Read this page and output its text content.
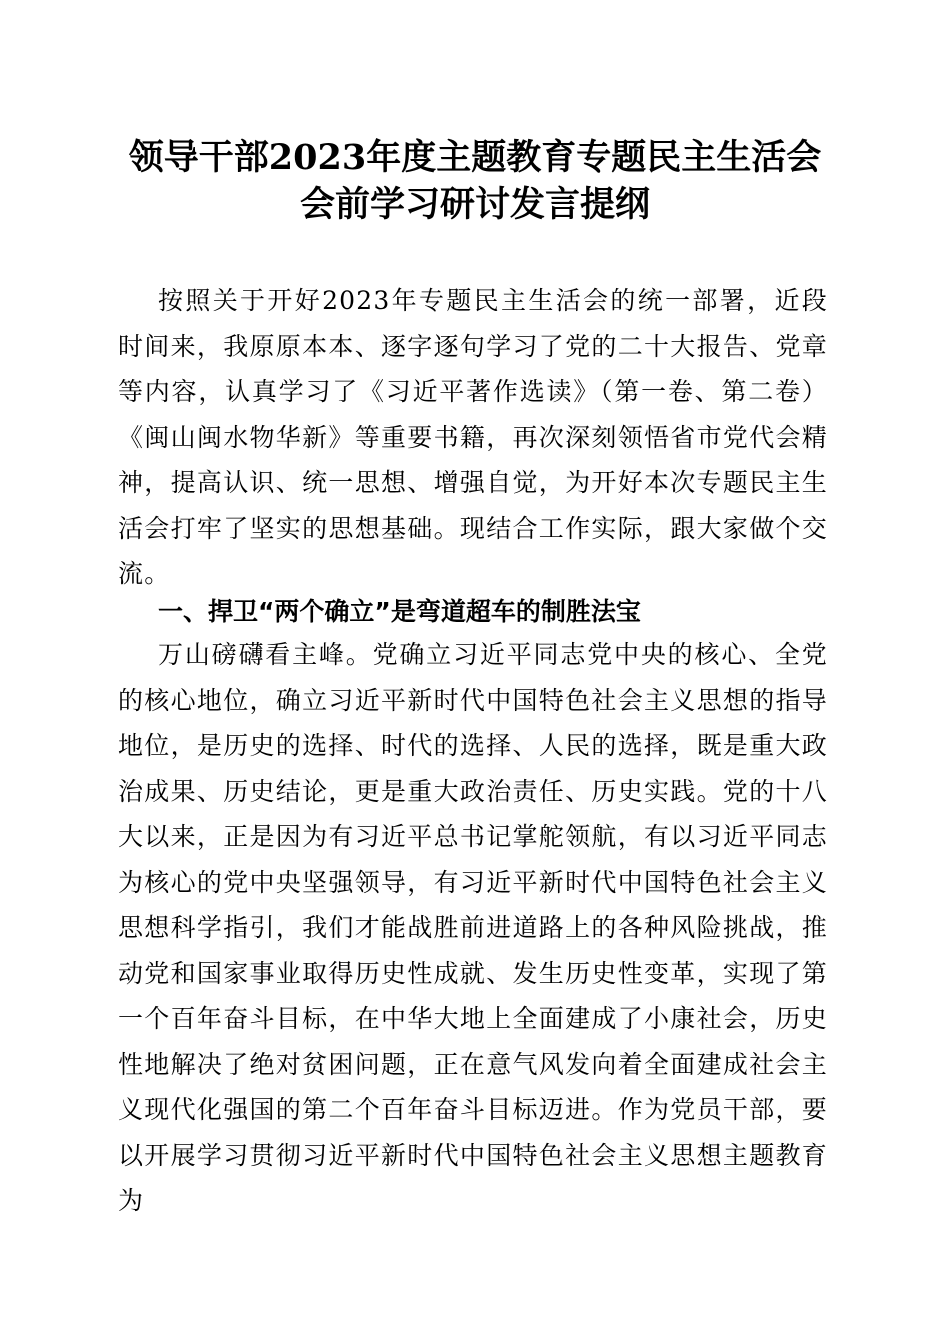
领导干部2023年度主题教育专题民主生活会
会前学习研讨发言提纲
按照关于开好2023年专题民主生活会的统一部署，近段时间来，我原原本本、逐字逐句学习了党的二十大报告、党章等内容，认真学习了《习近平著作选读》（第一卷、第二卷）《闽山闽水物华新》等重要书籍，再次深刻领悟省市党代会精神，提高认识、统一思想、增强自觉，为开好本次专题民主生活会打牢了坚实的思想基础。现结合工作实际，跟大家做个交流。
一、捍卫“两个确立”是弯道超车的制胜法宝
万山磅礴看主峰。党确立习近平同志党中央的核心、全党的核心地位，确立习近平新时代中国特色社会主义思想的指导地位，是历史的选择、时代的选择、人民的选择，既是重大政治成果、历史结论，更是重大政治责任、历史实践。党的十八大以来，正是因为有习近平总书记掌舵领航，有以习近平同志为核心的党中央坚强领导，有习近平新时代中国特色社会主义思想科学指引，我们才能战胜前进道路上的各种风险挑战，推动党和国家事业取得历史性成就、发生历史性变革，实现了第一个百年奋斗目标，在中华大地上全面建成了小康社会，历史性地解决了绝对贫困问题，正在意气风发向着全面建成社会主义现代化强国的第二个百年奋斗目标迈进。作为党员干部，要以开展学习贯彻习近平新时代中国特色社会主义思想主题教育为
